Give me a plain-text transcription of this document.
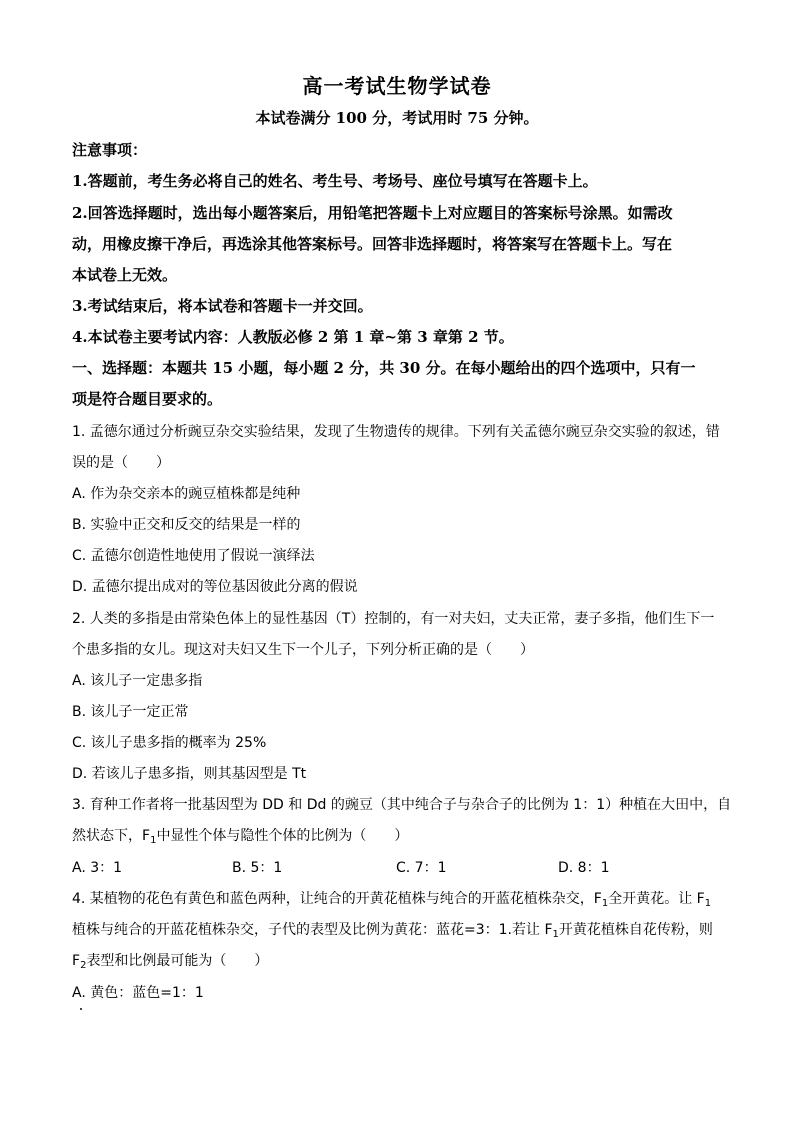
高一考试生物学试卷
本试卷满分 100 分，考试用时 75 分钟。
注意事项：
1.答题前，考生务必将自己的姓名、考生号、考场号、座位号填写在答题卡上。
2.回答选择题时，选出每小题答案后，用铅笔把答题卡上对应题目的答案标号涂黑。如需改
动，用橡皮擦干净后，再选涂其他答案标号。回答非选择题时，将答案写在答题卡上。写在
本试卷上无效。
3.考试结束后，将本试卷和答题卡一并交回。
4.本试卷主要考试内容：人教版必修 2 第 1 章~第 3 章第 2 节。
一、选择题：本题共 15 小题，每小题 2 分，共 30 分。在每小题给出的四个选项中，只有一
项是符合题目要求的。
1. 孟德尔通过分析豌豆杂交实验结果，发现了生物遗传的规律。下列有关孟德尔豌豆杂交实验的叙述，错
误的是（　　）
A. 作为杂交亲本的豌豆植株都是纯种
B. 实验中正交和反交的结果是一样的
C. 孟德尔创造性地使用了假说一演绎法
D. 孟德尔提出成对的等位基因彼此分离的假说
2. 人类的多指是由常染色体上的显性基因（T）控制的，有一对夫妇，丈夫正常，妻子多指，他们生下一
个患多指的女儿。现这对夫妇又生下一个儿子，下列分析正确的是（　　）
A. 该儿子一定患多指
B. 该儿子一定正常
C. 该儿子患多指的概率为 25%
D. 若该儿子患多指，则其基因型是 Tt
3. 育种工作者将一批基因型为 DD 和 Dd 的豌豆（其中纯合子与杂合子的比例为 1：1）种植在大田中，自
然状态下，$F_1$中显性个体与隐性个体的比例为（　　）
A. 3：1	B. 5：1	C. 7：1	D. 8：1
4. 某植物的花色有黄色和蓝色两种，让纯合的开黄花植株与纯合的开蓝花植株杂交，$F_1$全开黄花。让 $F_1$
植株与纯合的开蓝花植株杂交，子代的表型及比例为黄花：蓝花=3：1.若让 $F_1$开黄花植株自花传粉，则
$F_2$表型和比例最可能为（　　）
A. 黄色：蓝色=1：1
